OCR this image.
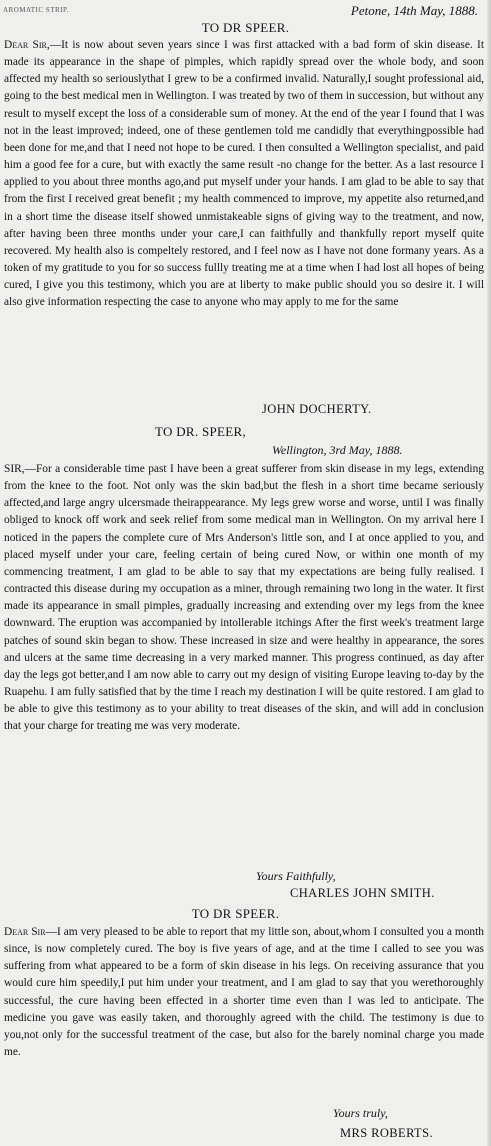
AROMATIC STRIP.	Petone, 14th May, 1888.
TO DR SPEER.

Dear Sir,—It is now about seven years since I was first attacked with a bad form of skin disease. It made its appearance in the shape of pimples, which rapidly spread over the whole body, and soon affected my health so seriouslythat I grew to be a confirmed invalid. Naturally,I sought professional aid, going to the best medical men in Wellington. I was treated by two of them in succession, but without any result to myself except the loss of a considerable sum of money. At the end of the year I found that I was not in the least improved; indeed, one of these gentlemen told me candidly that everythingpossible had been done for me,and that I need not hope to be cured. I then consulted a Wellington specialist, and paid him a good fee for a cure, but with exactly the same result -no change for the better. As a last resource I applied to you about three months ago,and put myself under your hands. I am glad to be able to say that from the first I received great benefit ; my health commenced to improve, my appetite also returned,and in a short time the disease itself showed unmistakeable signs of giving way to the treatment, and now, after having been three months under your care,I can faithfully and thankfully report myself quite recovered. My health also is compeltely restored, and I feel now as I have not done formany years. As a token of my gratitude to you for so success fullly treating me at a time when I had lost all hopes of being cured, I give you this testimony, which you are at liberty to make public should you so desire it. I will also give information respecting the case to anyone who may apply to me for the same

JOHN DOCHERTY.
TO DR. SPEER,
Wellington, 3rd May, 1888.

SIR,—For a considerable time past I have been a great sufferer from skin disease in my legs, extending from the knee to the foot. Not only was the skin bad,but the flesh in a short time became seriously affected,and large angry ulcersmade theirappearance. My legs grew worse and worse, until I was finally obliged to knock off work and seek relief from some medical man in Wellington. On my arrival here I noticed in the papers the complete cure of Mrs Anderson's little son, and I at once applied to you, and placed myself under your care, feeling certain of being cured Now, or within one month of my commencing treatment, I am glad to be able to say that my expectations are being fully realised. I contracted this disease during my occupation as a miner, through remaining two long in the water. It first made its appearance in small pimples, gradually increasing and extending over my legs from the knee downward. The eruption was accompanied by intollerable itchings After the first week's treatment large patches of sound skin began to show. These increased in size and were healthy in appearance, the sores and ulcers at the same time decreasing in a very marked manner. This progress continued, as day after day the legs got better,and I am now able to carry out my design of visiting Europe leaving to-day by the Ruapehu. I am fully satisfied that by the time I reach my destination I will be quite restored. I am glad to be able to give this testimony as to your ability to treat diseases of the skin, and will add in conclusion that your charge for treating me was very moderate.

Yours Faithfully,
CHARLES JOHN SMITH.
TO DR SPEER.

Dear Sir—I am very pleased to be able to report that my little son, about,whom I consulted you a month since, is now completely cured. The boy is five years of age, and at the time I called to see you was suffering from what appeared to be a form of skin disease in his legs. On receiving assurance that you would cure him speedily,I put him under your treatment, and I am glad to say that you werethoroughly successful, the cure having been effected in a shorter time even than I was led to anticipate. The medicine you gave was easily taken, and thoroughly agreed with the child. The testimony is due to you,not only for the successful treatment of the case, but also for the barely nominal charge you made me.

Yours truly,
MRS ROBERTS.
